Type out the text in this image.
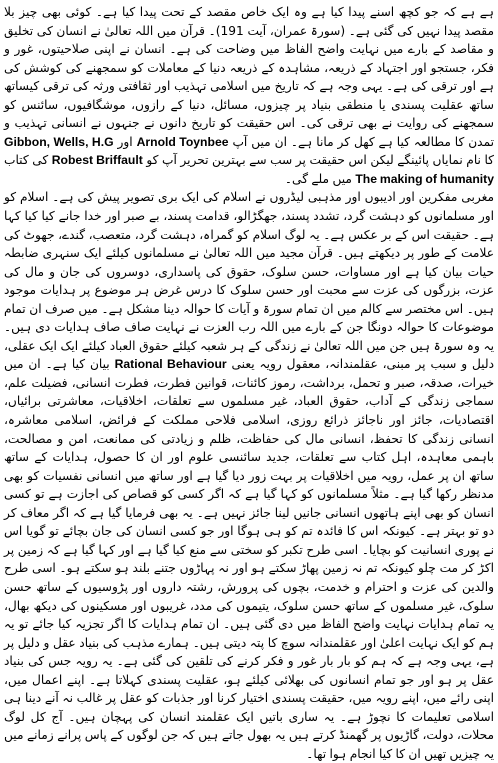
ہے ہے کہ جو کچھ اسنے پیدا کیا ہے وہ ایک خاص مقصد کے تحت پیدا کیا ہے۔ کوئی بھی چیز بلا مقصد پیدا نہیں کی گئی ہے۔ (سورۃ عمران، آیت 191)۔ قرآن میں اللہ تعالیٰ نے انسان کی تخلیق و مقاصد کے بارے میں نہایت واضح الفاظ میں وضاحت کی ہے۔ انسان نے اپنی صلاحیتوں، غور و فکر، جستجو اور اجتہاد کے ذریعہ، مشاہدہ کے ذریعہ دنیا کے معاملات کو سمجھنے کی کوشش کی ہے اور ترقی کی ہے۔ یہی وجہ ہے کہ تاریخ میں اسلامی تہذیب اور ثقافتی ورثہ کی ترقی کیساتھ ساتھ عقلیت پسندی یا منطقی بنیاد پر چیزوں، مسائل، دنیا کے رازوں، موشگافیوں، سائنس کو سمجھنے کی روایت نے بھی ترقی کی۔ اس حقیقت کو تاریخ دانوں نے جنہوں نے انسانی تہذیب و تمدن کا مطالعہ کیا ہے کھل کر مانا ہے۔ ان میں آپ Arnold Toynbee اور Gibbon, Wells, H.G کا نام نمایاں پائینگے لیکن اس حقیقت پر سب سے بہترین تحریر آپ کو Robest Briffault کی کتاب The making of humanity میں ملے گی۔

مغربی مفکرین اور ادیبوں اور مذہبی لیڈروں نے اسلام کی ایک بری تصویر پیش کی ہے۔ اسلام کو اور مسلمانوں کو دہشت گرد، تشدد پسند، جھگڑالو، قدامت پسند، بے صبر اور خدا جانے کیا کیا کہا ہے۔ حقیقت اس کے بر عکس ہے۔ یہ لوگ اسلام کو گمراہ، دہشت گرد، متعصب، گندے، جھوٹ کی علامت کے طور پر دیکھتے ہیں۔ قرآن مجید میں اللہ تعالیٰ نے مسلمانوں کیلئے ایک سنہری ضابطہ حیات بیان کیا ہے اور مساوات، حسن سلوک، حقوق کی پاسداری، دوسروں کی جان و مال کی عزت، بزرگوں کی عزت سے محبت اور حسن سلوک کا درس غرض ہر موضوع پر ہدایات موجود ہیں۔ اس مختصر سے کالم میں ان تمام سورۃ و آیات کا حوالہ دینا مشکل ہے۔ میں صرف ان تمام موضوعات کا حوالہ دونگا جن کے بارے میں اللہ رب العزت نے نہایت صاف صاف ہدایات دی ہیں۔ یہ وہ سورۃ ہیں جن میں اللہ تعالیٰ نے زندگی کے ہر شعبہ کیلئے حقوق العباد کیلئے ایک ایک عقلی، دلیل و سبب پر مبنی، عقلمندانہ، معقول رویہ یعنی Rational Behaviour بیان کیا ہے۔ ان میں خیرات، صدقہ، صبر و تحمل، برداشت، رموز کائنات، قوانین فطرت، فطرت انسانی، فضیلت علم، سماجی زندگی کے آداب، حقوق العباد، غیر مسلموں سے تعلقات، اخلاقیات، معاشرتی برائیاں، اقتصادیات، جائز اور ناجائز ذرائع روزی، اسلامی فلاحی مملکت کے فرائض، اسلامی معاشرہ، انسانی زندگی کا تحفظ، انسانی مال کی حفاظت، ظلم و زیادتی کی ممانعت، امن و مصالحت، باہمی معاہدہ، اہل کتاب سے تعلقات، جدید سائنسی علوم اور ان کا حصول، ہدایات کے ساتھ ساتھ ان پر عمل، رویہ میں اخلاقیات پر بہت زور دیا گیا ہے اور ساتھ میں انسانی نفسیات کو بھی مدنظر رکھا گیا ہے۔ مثلاً مسلمانوں کو کہا گیا ہے کہ اگر کسی کو قصاص کی اجازت ہے تو کسی انسان کو بھی اپنے ہاتھوں انسانی جانیں لینا جائز نہیں ہے۔ یہ بھی فرمایا گیا ہے کہ اگر معاف کر دو تو بہتر ہے۔ کیونکہ اس کا فائدہ تم کو ہی ہوگا اور جو کسی انسان کی جان بچائے تو گویا اس نے پوری انسانیت کو بچایا۔ اسی طرح تکبر کو سختی سے منع کیا گیا ہے اور کہا گیا ہے کہ زمین پر اکڑ کر مت چلو کیونکہ تم نہ زمین پھاڑ سکتے ہو اور نہ پہاڑوں جتنے بلند ہو سکتے ہو۔ اسی طرح والدین کی عزت و احترام و خدمت، بچوں کی پرورش، رشتہ داروں اور پڑوسیوں کے ساتھ حسن سلوک، غیر مسلموں کے ساتھ حسن سلوک، یتیموں کی مدد، غریبوں اور مسکینوں کی دیکھ بھال، یہ تمام ہدایات نہایت واضح الفاظ میں دی گئی ہیں۔ ان تمام ہدایات کا اگر تجزیہ کیا جائے تو یہ ہم کو ایک نہایت اعلیٰ اور عقلمندانہ سوچ کا پتہ دیتی ہیں۔ ہمارے مذہب کی بنیاد عقل و دلیل پر ہے، یہی وجہ ہے کہ ہم کو بار بار غور و فکر کرنے کی تلقین کی گئی ہے۔ یہ رویہ جس کی بنیاد عقل پر ہو اور جو تمام انسانوں کی بھلائی کیلئے ہو، عقلیت پسندی کہلاتا ہے۔ اپنے اعمال میں، اپنی رائے میں، اپنے رویہ میں، حقیقت پسندی اختیار کرنا اور جذبات کو عقل پر غالب نہ آنے دینا ہی اسلامی تعلیمات کا نچوڑ ہے۔ یہ ساری باتیں ایک عقلمند انسان کی پہچان ہیں۔ آج کل لوگ محلات، دولت، گاڑیوں پر گھمنڈ کرتے ہیں یہ بھول جاتے ہیں کہ جن لوگوں کے پاس پرانے زمانے میں یہ چیزیں تھیں ان کا کیا انجام ہوا تھا۔
